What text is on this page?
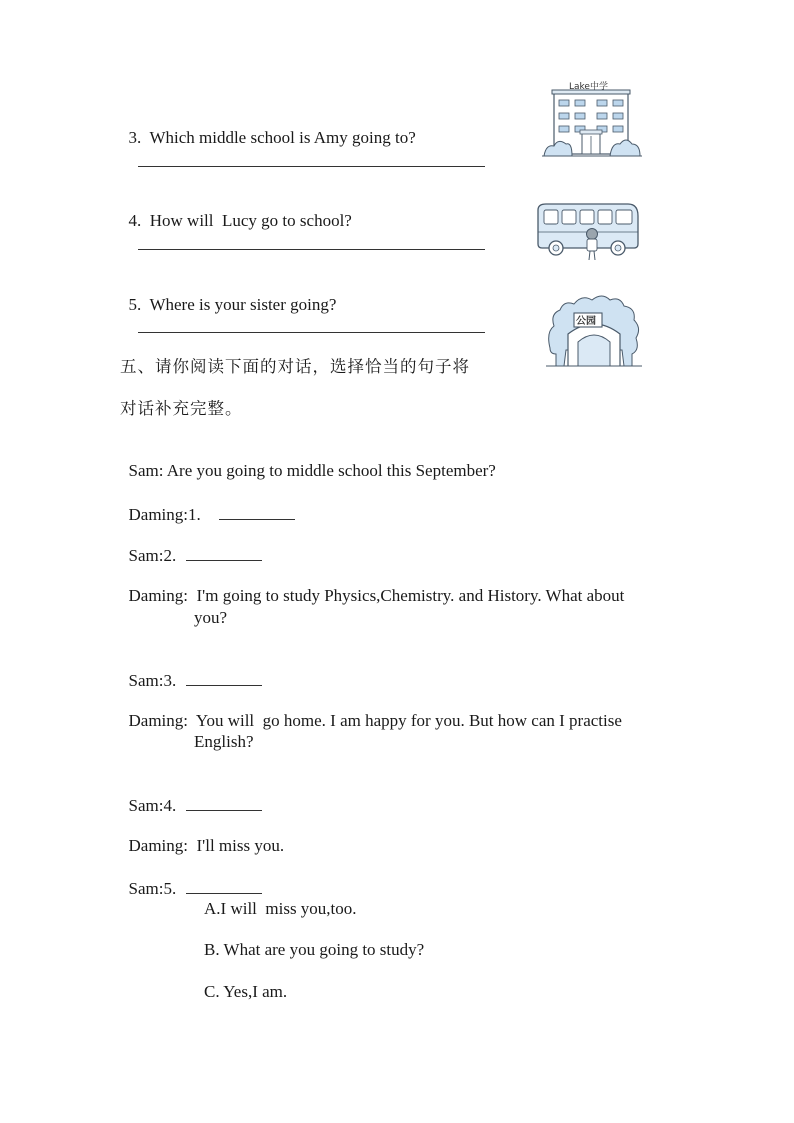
3. Which middle school is Amy going to?

4. How will  Lucy go to school?

5. Where is your sister going?

Lake中学
公园
五、请你阅读下面的对话，选择恰当的句子将
对话补充完整。

Sam: Are you going to middle school this September?

Daming:1.

Sam:2.

Daming: I'm going to study Physics,Chemistry. and History. What about

you?

Sam:3.

Daming: You will  go home. I am happy for you. But how can I practise

English?

Sam:4.

Daming: I'll miss you.

Sam:5.

A.I will  miss you,too.
B. What are you going to study?
C. Yes,I am.
